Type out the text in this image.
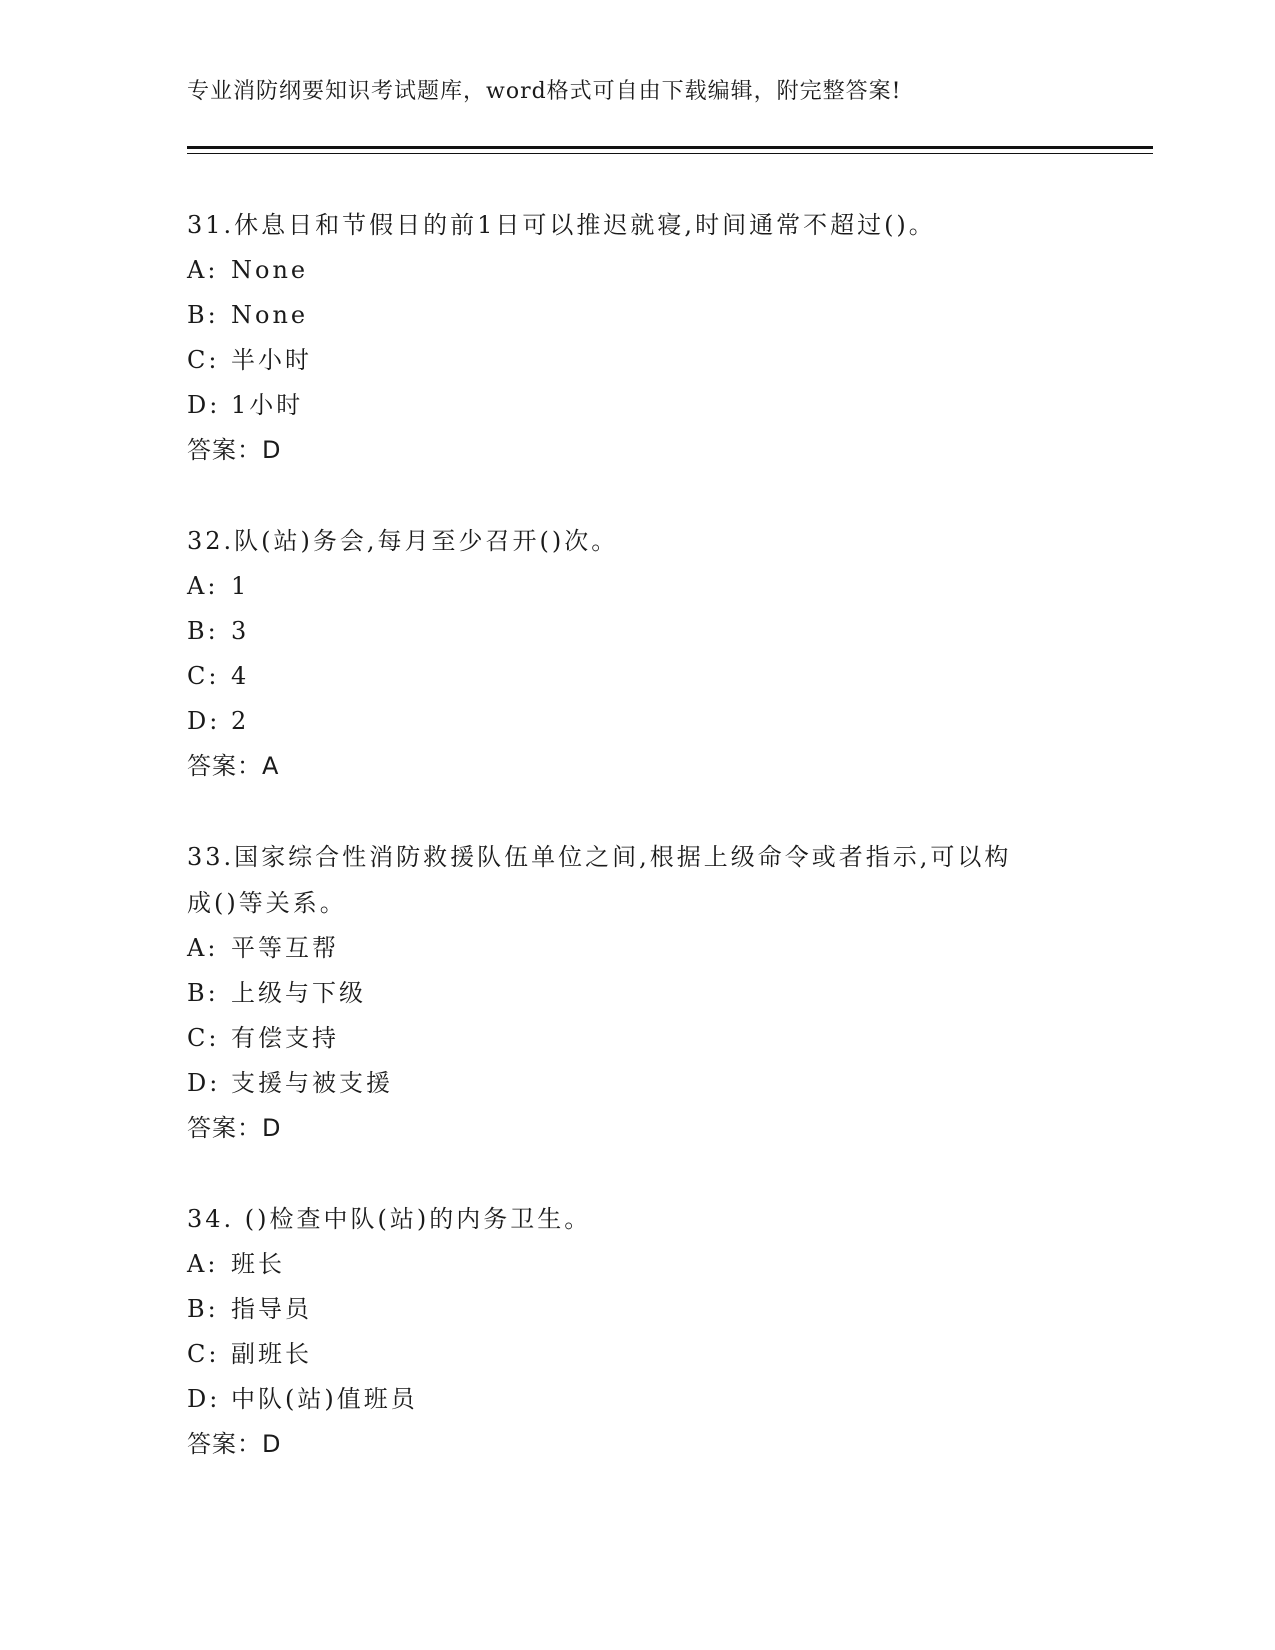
专业消防纲要知识考试题库，word格式可自由下载编辑，附完整答案!
31.休息日和节假日的前1日可以推迟就寝,时间通常不超过()。
A: None
B: None
C: 半小时
D: 1小时
答案：D
32.队(站)务会,每月至少召开()次。
A: 1
B: 3
C: 4
D: 2
答案：A
33.国家综合性消防救援队伍单位之间,根据上级命令或者指示,可以构
成()等关系。
A: 平等互帮
B: 上级与下级
C: 有偿支持
D: 支援与被支援
答案：D
34. ()检查中队(站)的内务卫生。
A: 班长
B: 指导员
C: 副班长
D: 中队(站)值班员
答案：D
